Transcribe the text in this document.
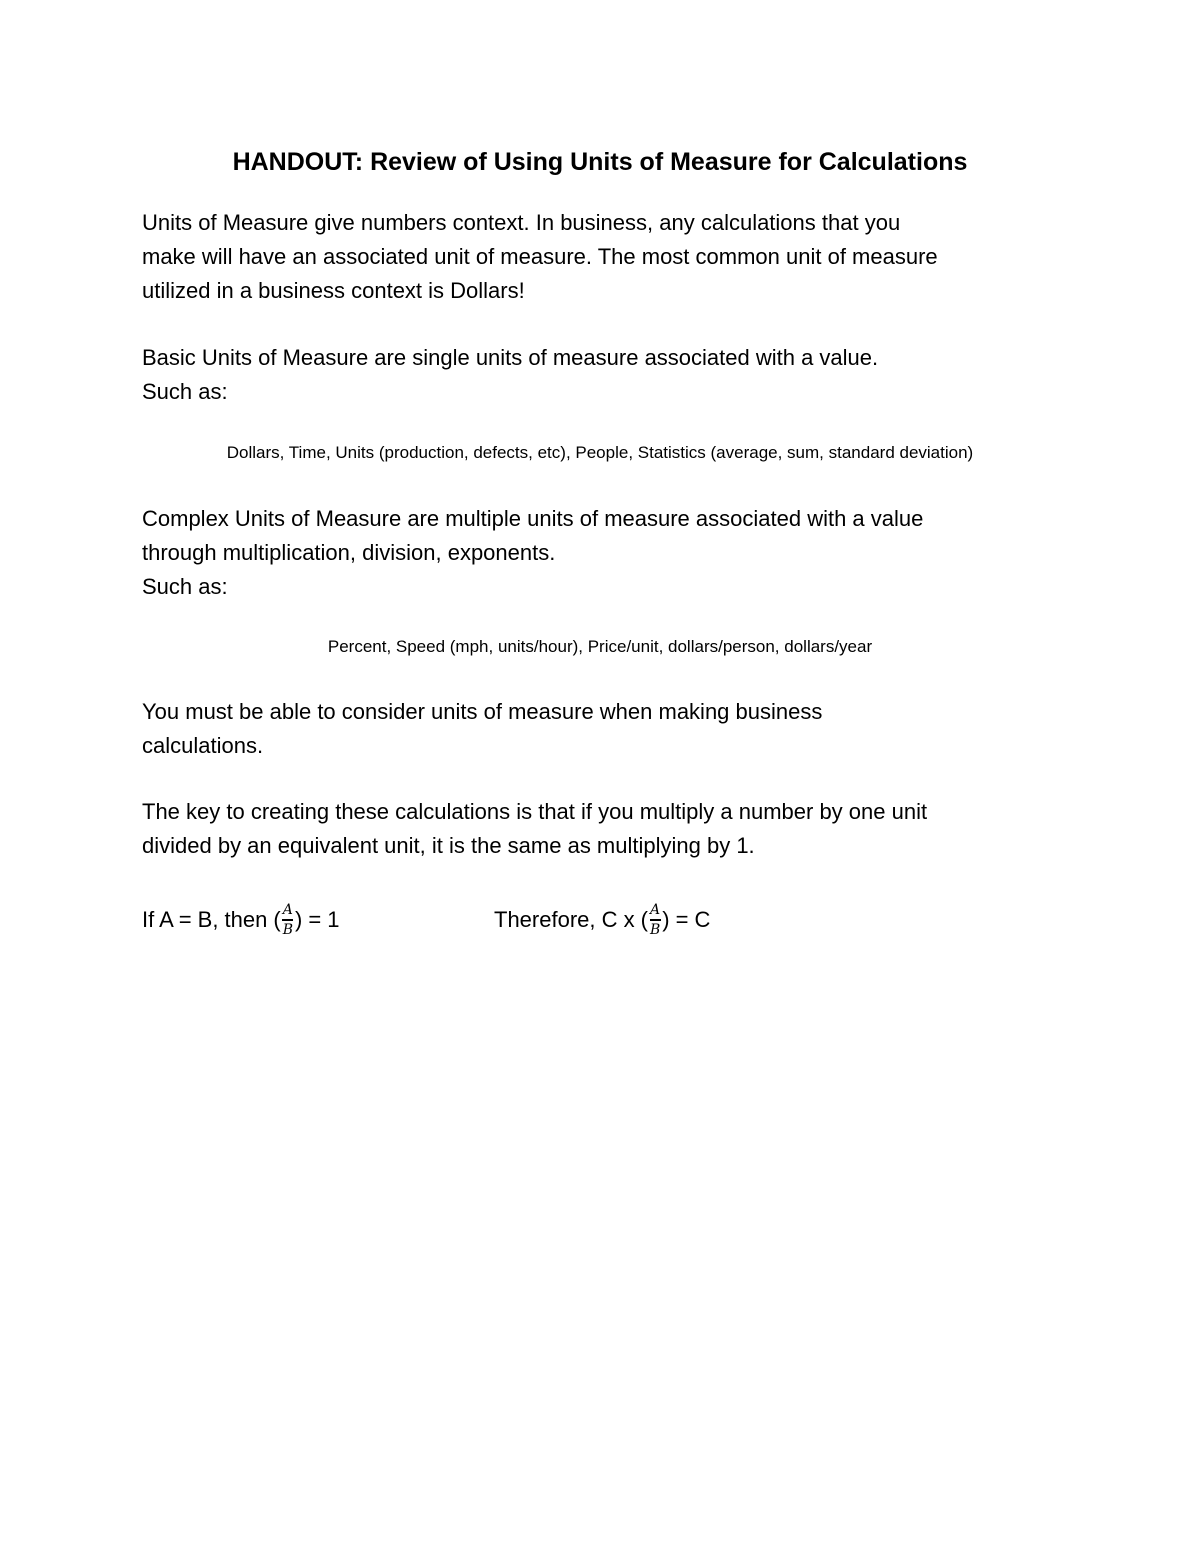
HANDOUT: Review of Using Units of Measure for Calculations
Units of Measure give numbers context. In business, any calculations that you
make will have an associated unit of measure. The most common unit of measure
utilized in a business context is Dollars!
Basic Units of Measure are single units of measure associated with a value.
Such as:
Dollars, Time, Units (production, defects, etc), People, Statistics (average, sum, standard deviation)
Complex Units of Measure are multiple units of measure associated with a value
through multiplication, division, exponents.
Such as:
Percent, Speed (mph, units/hour), Price/unit, dollars/person, dollars/year
You must be able to consider units of measure when making business
calculations.
The key to creating these calculations is that if you multiply a number by one unit
divided by an equivalent unit, it is the same as multiplying by 1.
If A = B, then ( $\frac{A}{B}$ ) = 1	Therefore, C x ( $\frac{A}{B}$ ) = C
